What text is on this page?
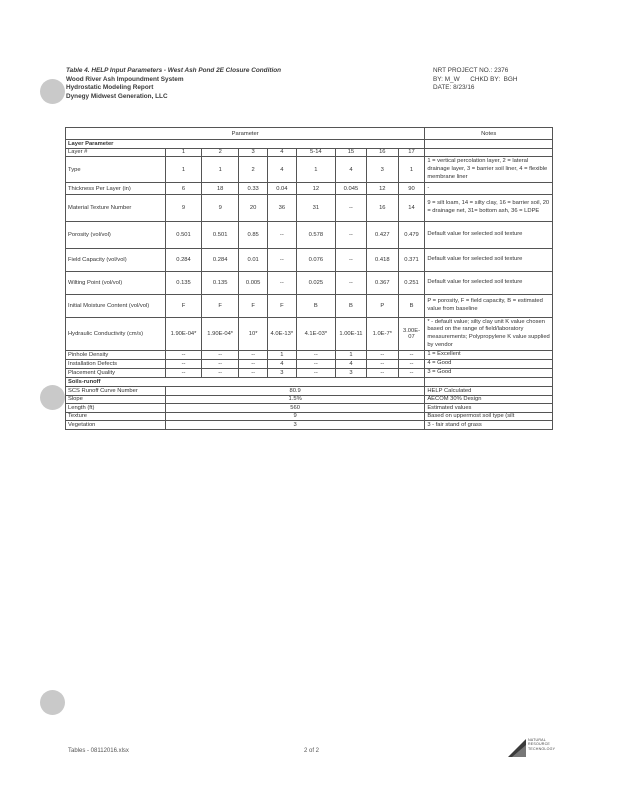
Table 4. HELP Input Parameters - West Ash Pond 2E Closure Condition
Wood River Ash Impoundment System
Hydrostatic Modeling Report
Dynegy Midwest Generation, LLC
NRT PROJECT NO.: 2376
BY: M_W      CHKD BY:  BGH
DATE: 8/23/16
Parameter									Notes
Layer Parameter									
Layer #	1	2	3	4	5-14	15	16	17	
Type	1	1	2	4	1	4	3	1	1 = vertical percolation layer, 2 = lateral drainage layer, 3 = barrier soil liner, 4 = flexible membrane liner
Thickness Per Layer (in)	6	18	0.33	0.04	12	0.045	12	90	-
Material Texture Number	9	9	20	36	31	--	16	14	9 = silt loam, 14 = silty clay, 16 = barrier soil, 20 = drainage net, 31= bottom ash, 36 = LDPE
Porosity (vol/vol)	0.501	0.501	0.85	--	0.578	--	0.427	0.479	Default value for selected soil texture
Field Capacity (vol/vol)	0.284	0.284	0.01	--	0.076	--	0.418	0.371	Default value for selected soil texture
Wilting Point (vol/vol)	0.135	0.135	0.005	--	0.025	--	0.367	0.251	Default value for selected soil texture
Initial Moisture Content (vol/vol)	F	F	F	F	B	B	P	B	P = porosity, F = field capacity, B = estimated value from baseline
Hydraulic Conductivity (cm/s)	1.90E-04*	1.90E-04*	10*	4.0E-13*	4.1E-03*	1.00E-11	1.0E-7*	3.00E-07	* - default value; silty clay unit K value chosen based on the range of field/laboratory measurements; Polypropylene K value supplied by vendor
Pinhole Density	--	--	--	1	--	1	--	--	1 = Excellent
Installation Defects	--	--	--	4	--	4	--	--	4 = Good
Placement Quality	--	--	--	3	--	3	--	--	3 = Good
Soils-runoff									
SCS Runoff Curve Number	80.9								HELP Calculated
Slope	1.5%								AECOM 30% Design
Length (ft)	560								Estimated values
Texture	9								Based on uppermost soil type (silt
Vegetation	3								3 - fair stand of grass
Tables - 08112016.xlsx	2 of 2
NATURAL
RESOURCE
TECHNOLOGY
